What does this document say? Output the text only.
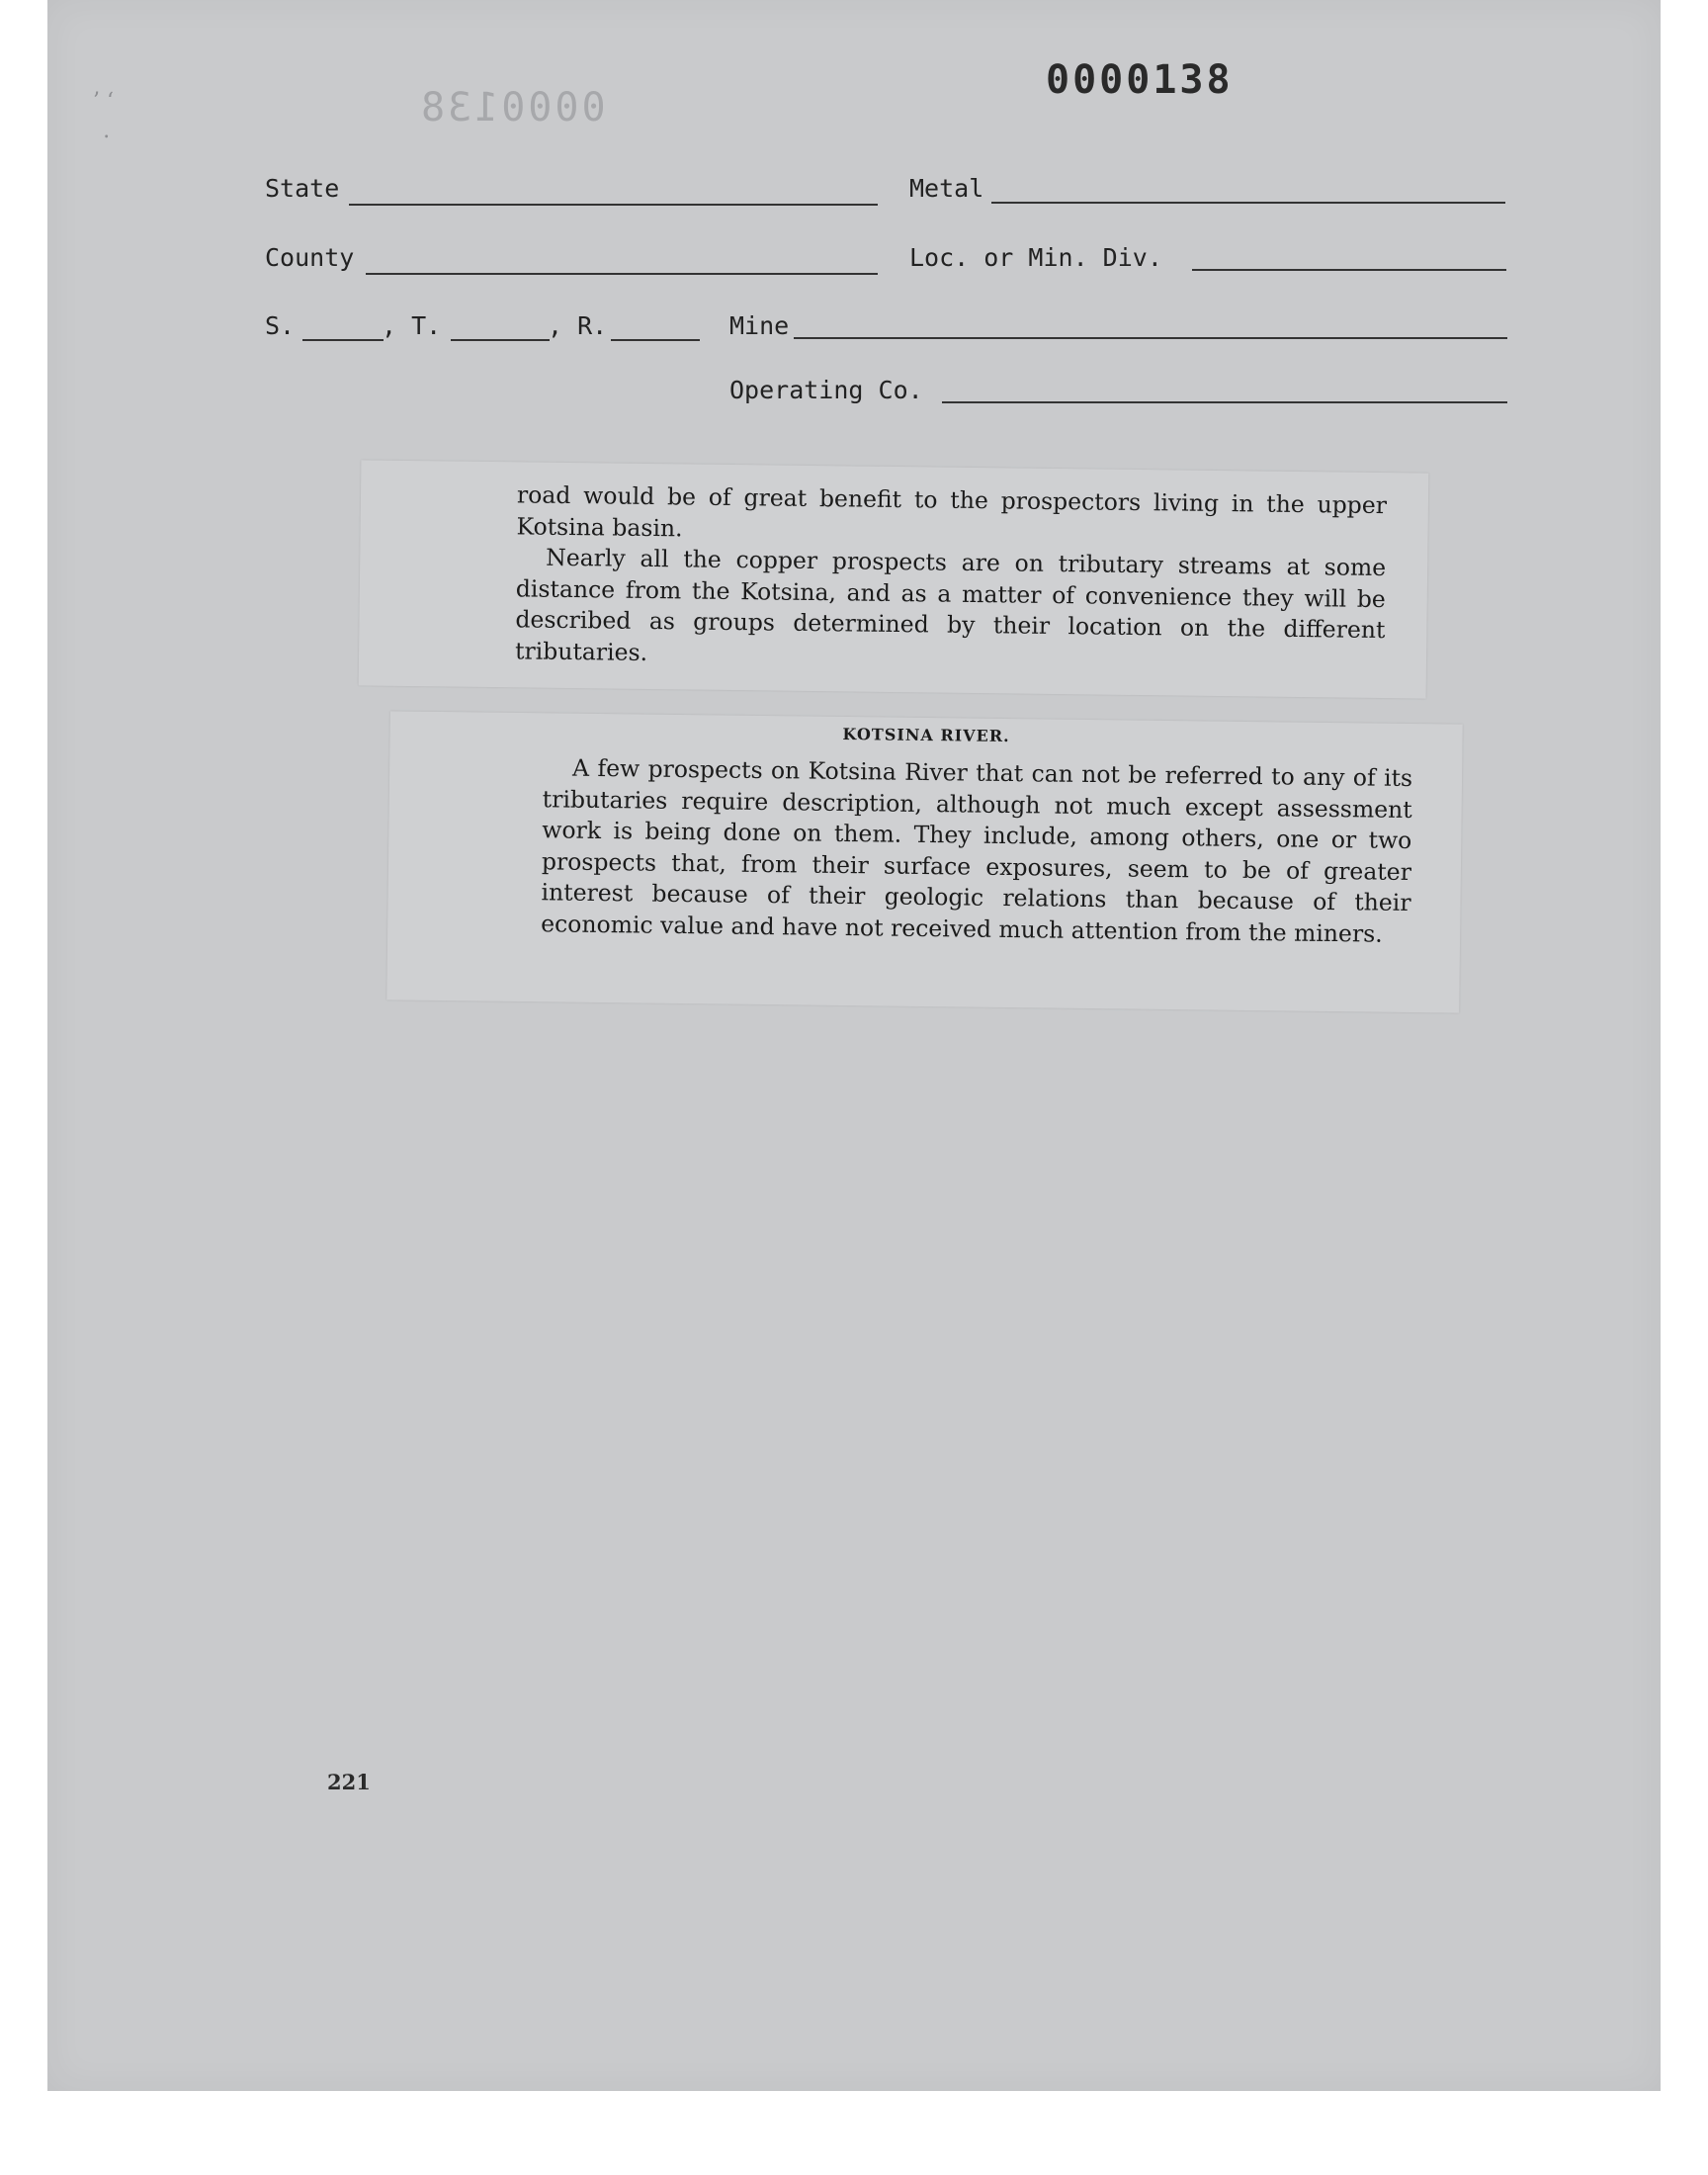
’ ‘
․
0000138
0000138
State	Metal
County	Loc. or Min. Div.
S.	, T.	, R.	Mine
Operating Co.

road would be of great benefit to the prospectors living in the upper Kotsina basin.

Nearly all the copper prospects are on tributary streams at some distance from the Kotsina, and as a matter of convenience they will be described as groups determined by their location on the different tributaries.

KOTSINA RIVER.

A few prospects on Kotsina River that can not be referred to any of its tributaries require description, although not much except assessment work is being done on them. They include, among others, one or two prospects that, from their surface exposures, seem to be of greater interest because of their geologic relations than because of their economic value and have not received much attention from the miners.

221
